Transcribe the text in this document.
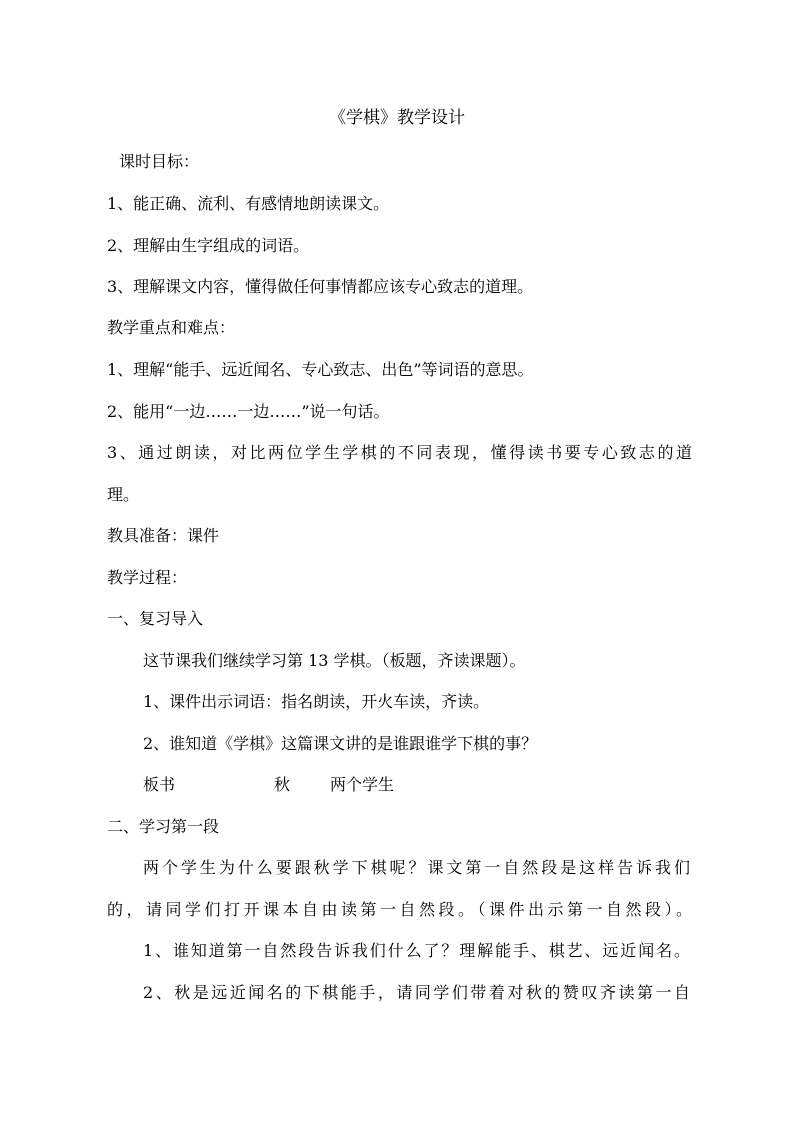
《学棋》教学设计
课时目标：
1、能正确、流利、有感情地朗读课文。
2、理解由生字组成的词语。
3、理解课文内容，懂得做任何事情都应该专心致志的道理。
教学重点和难点：
1、理解“能手、远近闻名、专心致志、出色”等词语的意思。
2、能用“一边……一边……”说一句话。
3、通过朗读，对比两位学生学棋的不同表现，懂得读书要专心致志的道
理。
教具准备：课件
教学过程：
一、复习导入
这节课我们继续学习第 13 学棋。（板题，齐读课题）。
1、课件出示词语：指名朗读，开火车读，齐读。
2、谁知道《学棋》这篇课文讲的是谁跟谁学下棋的事？
板书	秋 两个学生
二、学习第一段
两个学生为什么要跟秋学下棋呢？课文第一自然段是这样告诉我们
的，请同学们打开课本自由读第一自然段。（课件出示第一自然段）。
1、谁知道第一自然段告诉我们什么了？理解能手、棋艺、远近闻名。
2、秋是远近闻名的下棋能手，请同学们带着对秋的赞叹齐读第一自
